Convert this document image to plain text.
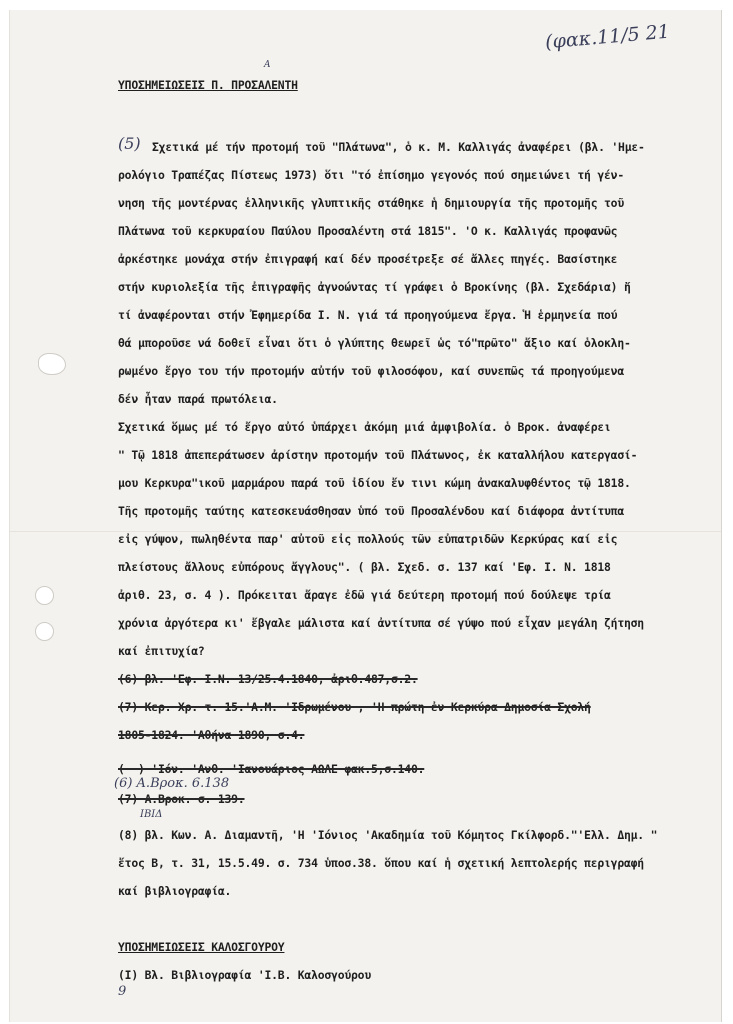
(φακ.11/5 21
A
ΥΠΟΣΗΜΕΙΩΣΕΙΣ Π. ΠΡΟΣΑΛΕΝΤΗ
(5) Σχετικά μέ τήν προτομή τοῦ "Πλάτωνα", ὁ κ. Μ. Καλλιγάς ἀναφέρει (βλ. 'Ημε-
ρολόγιο Τραπέζας Πίστεως 1973) ὅτι "τό ἐπίσημο γεγονός πού σημειώνει τή γέν-
νηση τῆς μοντέρνας ἑλληνικῆς γλυπτικῆς στάθηκε ἡ δημιουργία τῆς προτομῆς τοῦ
Πλάτωνα τοῦ κερκυραίου Παύλου Προσαλέντη στά 1815". 'Ο κ. Καλλιγάς προφανῶς
ἀρκέστηκε μονάχα στήν ἐπιγραφή καί δέν προσέτρεξε σέ ἄλλες πηγές. Βασίστηκε
στήν κυριολεξία τῆς ἐπιγραφῆς ἀγνοώντας τί γράφει ὁ Βροκίνης (βλ. Σχεδάρια) ἤ
τί ἀναφέρονται στήν Ἐφημερίδα Ι. Ν. γιά τά προηγούμενα ἔργα. Ἡ ἑρμηνεία πού
θά μποροῦσε νά δοθεῖ εἶναι ὅτι ὁ γλύπτης θεωρεῖ ὡς τό"πρῶτο" ἄξιο καί ὁλοκλη-
ρωμένο ἔργο του τήν προτομήν αὐτήν τοῦ φιλοσόφου, καί συνεπῶς τά προηγούμενα
δέν ἦταν παρά πρωτόλεια.
Σχετικά ὅμως μέ τό ἔργο αὐτό ὑπάρχει ἀκόμη μιά ἀμφιβολία. ὁ Βροκ. ἀναφέρει
" Τῷ 1818 ἀπεπεράτωσεν ἀρίστην προτομήν τοῦ Πλάτωνος, ἐκ καταλλήλου κατεργασί-
μου Κερκυρα"ικοῦ μαρμάρου παρά τοῦ ἰδίου ἔν τινι κώμη ἀνακαλυφθέντος τῷ 1818.
Τῆς προτομῆς ταύτης κατεσκευάσθησαν ὑπό τοῦ Προσαλένδου καί διάφορα ἀντίτυπα
εἰς γύψον, πωληθέντα παρ' αὐτοῦ εἰς πολλούς τῶν εὐπατριδῶν Κερκύρας καί εἰς
πλείστους ἄλλους εὐπόρους ἄγγλους". ( βλ. Σχεδ. σ. 137 καί 'Εφ. Ι. Ν. 1818
ἀριθ. 23, σ. 4 ). Πρόκειται ἄραγε ἐδῶ γιά δεύτερη προτομή πού δούλεψε τρία
χρόνια ἀργότερα κι' ἔβγαλε μάλιστα καί ἀντίτυπα σέ γύψο πού εἶχαν μεγάλη ζήτηση
καί ἐπιτυχία?
(6) βλ. 'Εφ. Ι.Ν. 13/25.4.1840, ἀριθ.487,σ.2.
(7) Κερ. Χρ. τ. 15.'Α.Μ. 'Ιδρωμένου , 'Η πρώτη ἐν Κερκύρα Δημοσία Σχολή
1805-1824. 'Αθήνα 1890, σ.4.
(  ) 'Ιόν. 'Ανθ. 'Ιανουάριος ΑΩΛΕ φακ.5,σ.140.
(6) Α.Βροκ. 6.138
(7) Α.Βροκ. σ. 139.
ΙΒΙΔ
(8) βλ. Κων. Α. Διαμαντῆ, 'Η 'Ιόνιος 'Ακαδημία τοῦ Κόμητος Γκίλφορδ."'Ελλ. Δημ. "
ἔτος Β, τ. 31, 15.5.49. σ. 734 ὑποσ.38. ὅπου καί ἡ σχετική λεπτολερής περιγραφή
καί βιβλιογραφία.
ΥΠΟΣΗΜΕΙΩΣΕΙΣ ΚΑΛΟΣΓΟΥΡΟΥ
(Ι) Βλ. Βιβλιογραφία 'Ι.Β. Καλοσγούρου
9
